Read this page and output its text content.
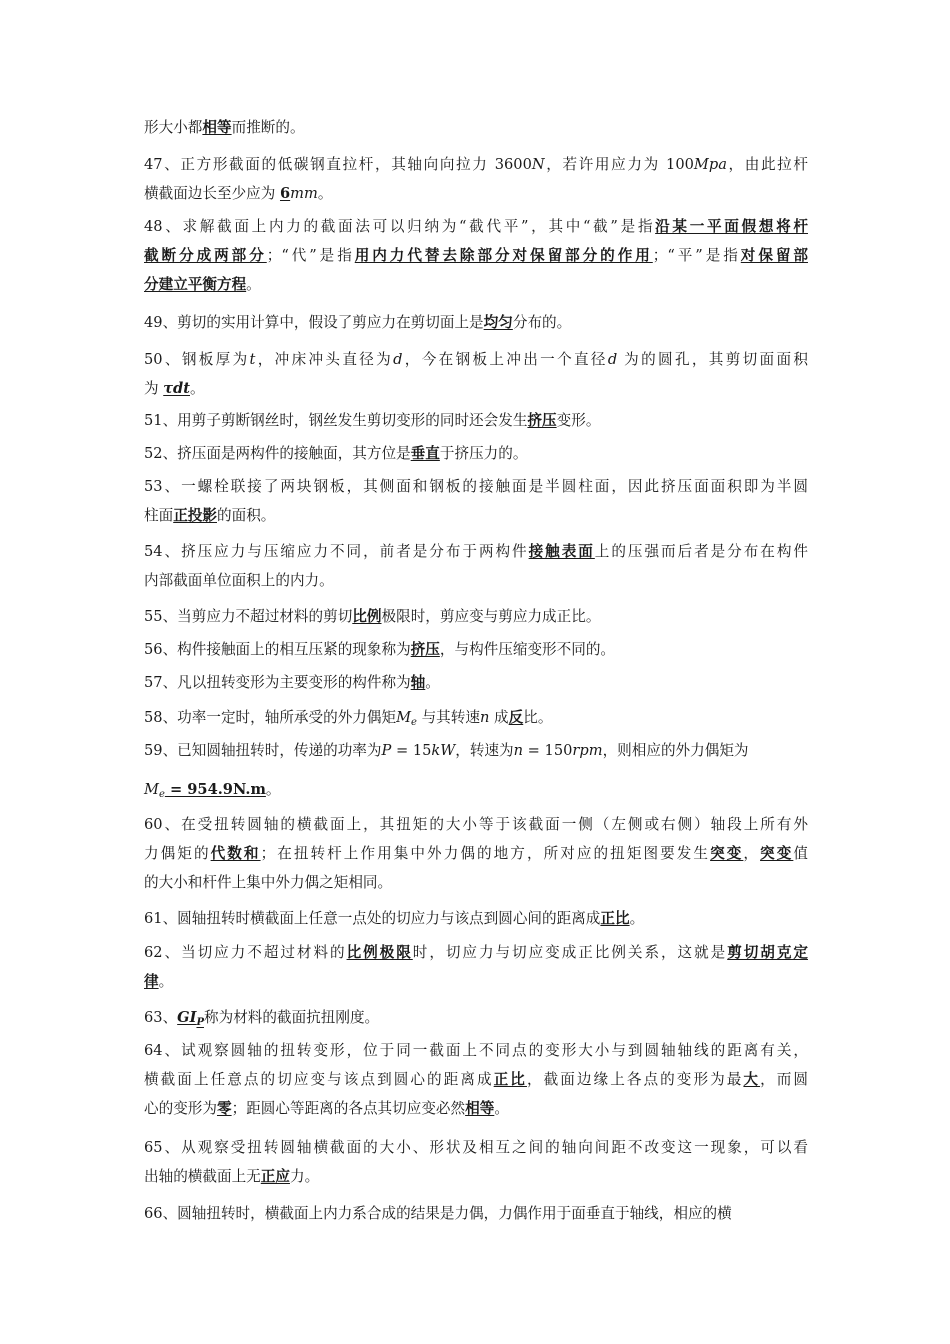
形大小都相等而推断的。
47、正方形截面的低碳钢直拉杆，其轴向向拉力 3600N，若许用应力为 100Mpa，由此拉杆
横截面边长至少应为 6mm。
48、求解截面上内力的截面法可以归纳为“截代平”，其中“截”是指沿某一平面假想将杆
截断分成两部分；“代”是指用内力代替去除部分对保留部分的作用；“平”是指对保留部
分建立平衡方程。
49、剪切的实用计算中，假设了剪应力在剪切面上是均匀分布的。
50、钢板厚为t，冲床冲头直径为d，今在钢板上冲出一个直径d 为的圆孔，其剪切面面积
为 τdt。
51、用剪子剪断钢丝时，钢丝发生剪切变形的同时还会发生挤压变形。
52、挤压面是两构件的接触面，其方位是垂直于挤压力的。
53、一螺栓联接了两块钢板，其侧面和钢板的接触面是半圆柱面，因此挤压面面积即为半圆
柱面正投影的面积。
54、挤压应力与压缩应力不同，前者是分布于两构件接触表面上的压强而后者是分布在构件
内部截面单位面积上的内力。
55、当剪应力不超过材料的剪切比例极限时，剪应变与剪应力成正比。
56、构件接触面上的相互压紧的现象称为挤压，与构件压缩变形不同的。
57、凡以扭转变形为主要变形的构件称为轴。
58、功率一定时，轴所承受的外力偶矩$M_e$ 与其转速n 成反比。
59、已知圆轴扭转时，传递的功率为P = 15kW，转速为n = 150rpm，则相应的外力偶矩为
$M_e = 954.9N.m$。
60、在受扭转圆轴的横截面上，其扭矩的大小等于该截面一侧（左侧或右侧）轴段上所有外
力偶矩的代数和；在扭转杆上作用集中外力偶的地方，所对应的扭矩图要发生突变，突变值
的大小和杆件上集中外力偶之矩相同。
61、圆轴扭转时横截面上任意一点处的切应力与该点到圆心间的距离成正比。
62、当切应力不超过材料的比例极限时，切应力与切应变成正比例关系，这就是剪切胡克定
律。
63、$GI_P$称为材料的截面抗扭刚度。
64、试观察圆轴的扭转变形，位于同一截面上不同点的变形大小与到圆轴轴线的距离有关，
横截面上任意点的切应变与该点到圆心的距离成正比，截面边缘上各点的变形为最大，而圆
心的变形为零；距圆心等距离的各点其切应变必然相等。
65、从观察受扭转圆轴横截面的大小、形状及相互之间的轴向间距不改变这一现象，可以看
出轴的横截面上无正应力。
66、圆轴扭转时，横截面上内力系合成的结果是力偶，力偶作用于面垂直于轴线，相应的横
